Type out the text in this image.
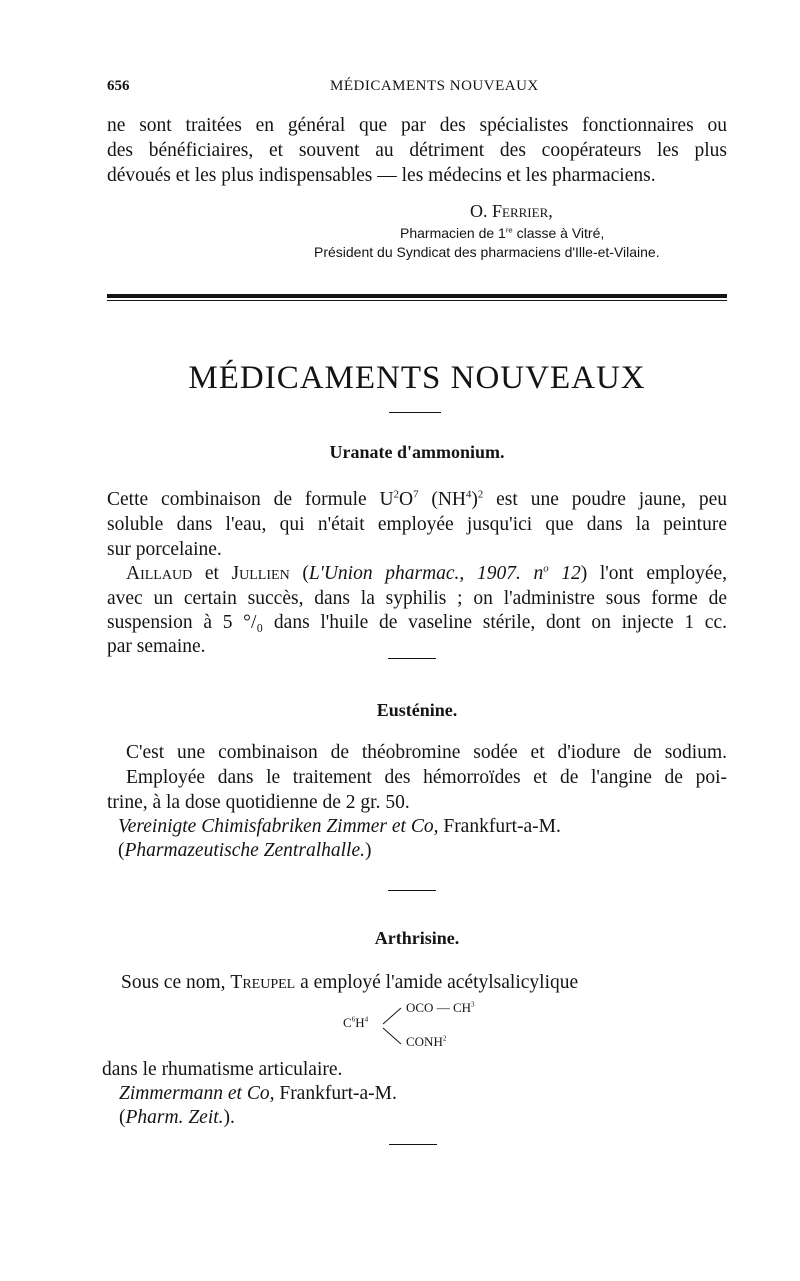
656	MÉDICAMENTS NOUVEAUX
ne sont traitées en général que par des spécialistes fonctionnaires ou
des bénéficiaires, et souvent au détriment des coopérateurs les plus
dévoués et les plus indispensables — les médecins et les pharmaciens.
O. Ferrier,
Pharmacien de 1re classe à Vitré,
Président du Syndicat des pharmaciens d'Ille-et-Vilaine.
MÉDICAMENTS NOUVEAUX
Uranate d'ammonium.
Cette combinaison de formule $U^2O^7$ $(NH^4)^2$ est une poudre jaune, peu
soluble dans l'eau, qui n'était employée jusqu'ici que dans la peinture
sur porcelaine.
Aillaud et Jullien (L'Union pharmac., 1907. $n^o$ 12) l'ont employée,
avec un certain succès, dans la syphilis ; on l'administre sous forme de
suspension à 5 °/₀ dans l'huile de vaseline stérile, dont on injecte 1 cc.
par semaine.
Eusténine.
C'est une combinaison de théobromine sodée et d'iodure de sodium.
Employée dans le traitement des hémorroïdes et de l'angine de poi-
trine, à la dose quotidienne de 2 gr. 50.
Vereinigte Chimisfabriken Zimmer et Co, Frankfurt-a-M.
(Pharmazeutische Zentralhalle.)
Arthrisine.
Sous ce nom, Treupel a employé l'amide acétylsalicylique
$C^6H^4$
OCO — $CH^3$
CONH$^2$
dans le rhumatisme articulaire.
Zimmermann et Co, Frankfurt-a-M.
(Pharm. Zeit.).
